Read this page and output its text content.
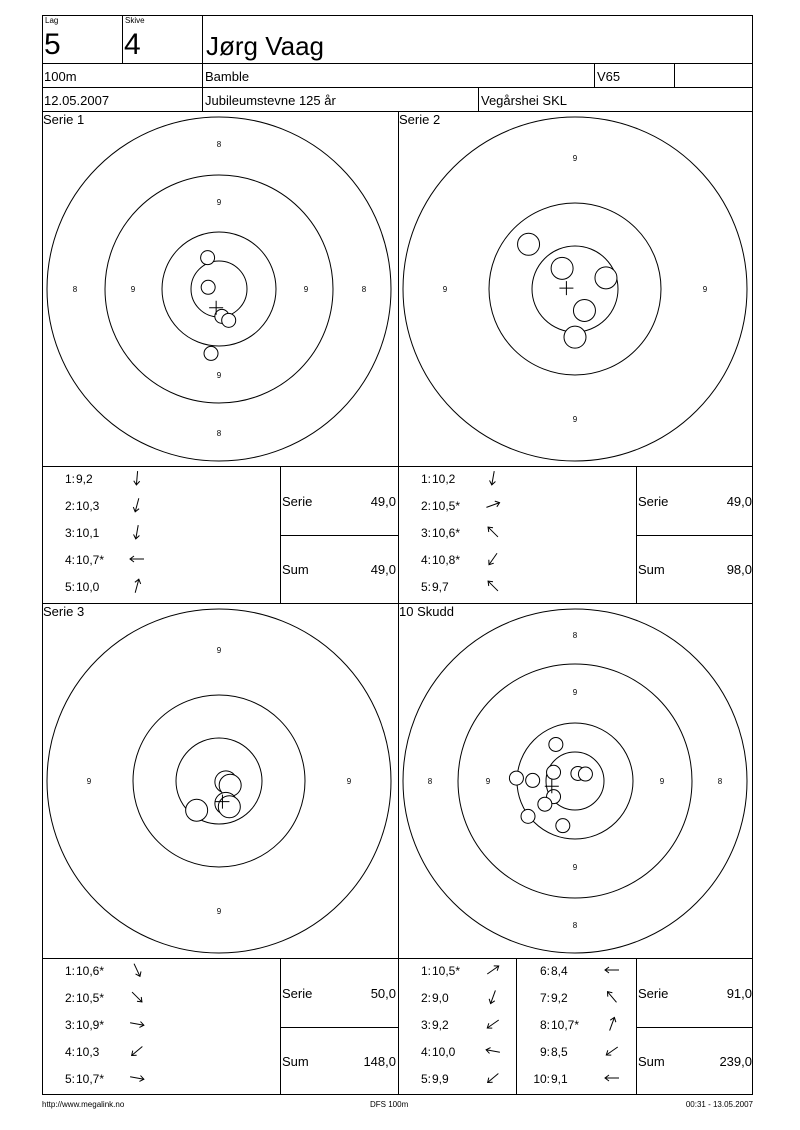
Lag
5
Skive
4	Jørg Vaag
100m	Bamble	V65
12.05.2007	Jubileumstevne 125 år	Vegårshei SKL
Serie 1	Serie 2
Serie 3	10 Skudd
8
8
8	8
9
9
9	9
9
9
9	9
9
9
9	9
8
8
8	8
9
9
9	9
Serie	49,0
Sum	49,0
Serie	49,0
Sum	98,0
Serie	50,0
Sum	148,0
Serie	91,0
Sum	239,0
http://www.megalink.no	DFS 100m	00:31 - 13.05.2007
1: 9,2
2: 10,3
3: 10,1
4: 10,7*
5: 10,0
1: 10,2
2: 10,5*
3: 10,6*
4: 10,8*
5: 9,7
1: 10,6*
2: 10,5*
3: 10,9*
4: 10,3
5: 10,7*
1: 10,5*
2: 9,0
3: 9,2
4: 10,0
5: 9,9
6: 8,4
7: 9,2
8: 10,7*
9: 8,5
10: 9,1
